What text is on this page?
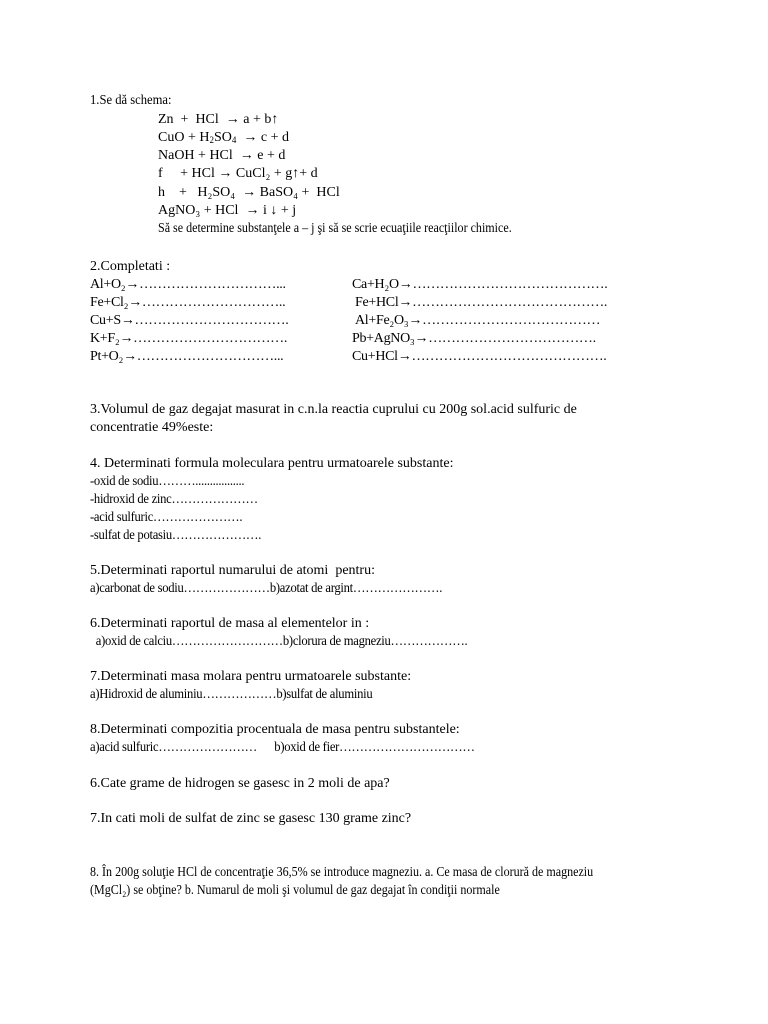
1.Se dă schema:
Zn  +  HCl  → a + b↑
CuO + $H_2SO_4 \to c + d$
NaOH + HCl  → e + d
f     + HCl → CuCl₂ + g↑+ d
h    +   H₂SO₄  → BaSO₄ +  HCl
AgNO₃ + HCl  → i ↓ + j
Să se determine substanţele a – j şi să se scrie ecuaţiile reacţiilor chimice.
2.Completati :
Al+O₂→…………………………...
Fe+Cl₂→…………………………..
Cu+S→…………………………….
K+F₂→…………………………….
Pt+O₂→…………………………...
Ca+H₂O→…………………………………….
Fe+HCl→…………………………………….
Al+Fe₂O₃→…………………………………
Pb+AgNO₃→……………………………….
Cu+HCl→…………………………………….
3.Volumul de gaz degajat masurat in c.n.la reactia cuprului cu 200g sol.acid sulfuric de
concentratie 49%este:
4. Determinati formula moleculara pentru urmatoarele substante:
-oxid de sodiu……….................
-hidroxid de zinc…………………
-acid sulfuric………………….
-sulfat de potasiu………………….
5.Determinati raportul numarului de atomi  pentru:
a)carbonat de sodiu…………………b)azotat de argint………………….
6.Determinati raportul de masa al elementelor in :
a)oxid de calciu………………………b)clorura de magneziu……………….
7.Determinati masa molara pentru urmatoarele substante:
a)Hidroxid de aluminiu………………b)sulfat de aluminiu
8.Determinati compozitia procentuala de masa pentru substantele:
a)acid sulfuric……………………      b)oxid de fier……………………………
6.Cate grame de hidrogen se gasesc in 2 moli de apa?
7.In cati moli de sulfat de zinc se gasesc 130 grame zinc?
8. În 200g soluţie HCl de concentraţie 36,5% se introduce magneziu. a. Ce masa de clorură de magneziu
(MgCl₂) se obţine? b. Numarul de moli şi volumul de gaz degajat în condiţii normale
